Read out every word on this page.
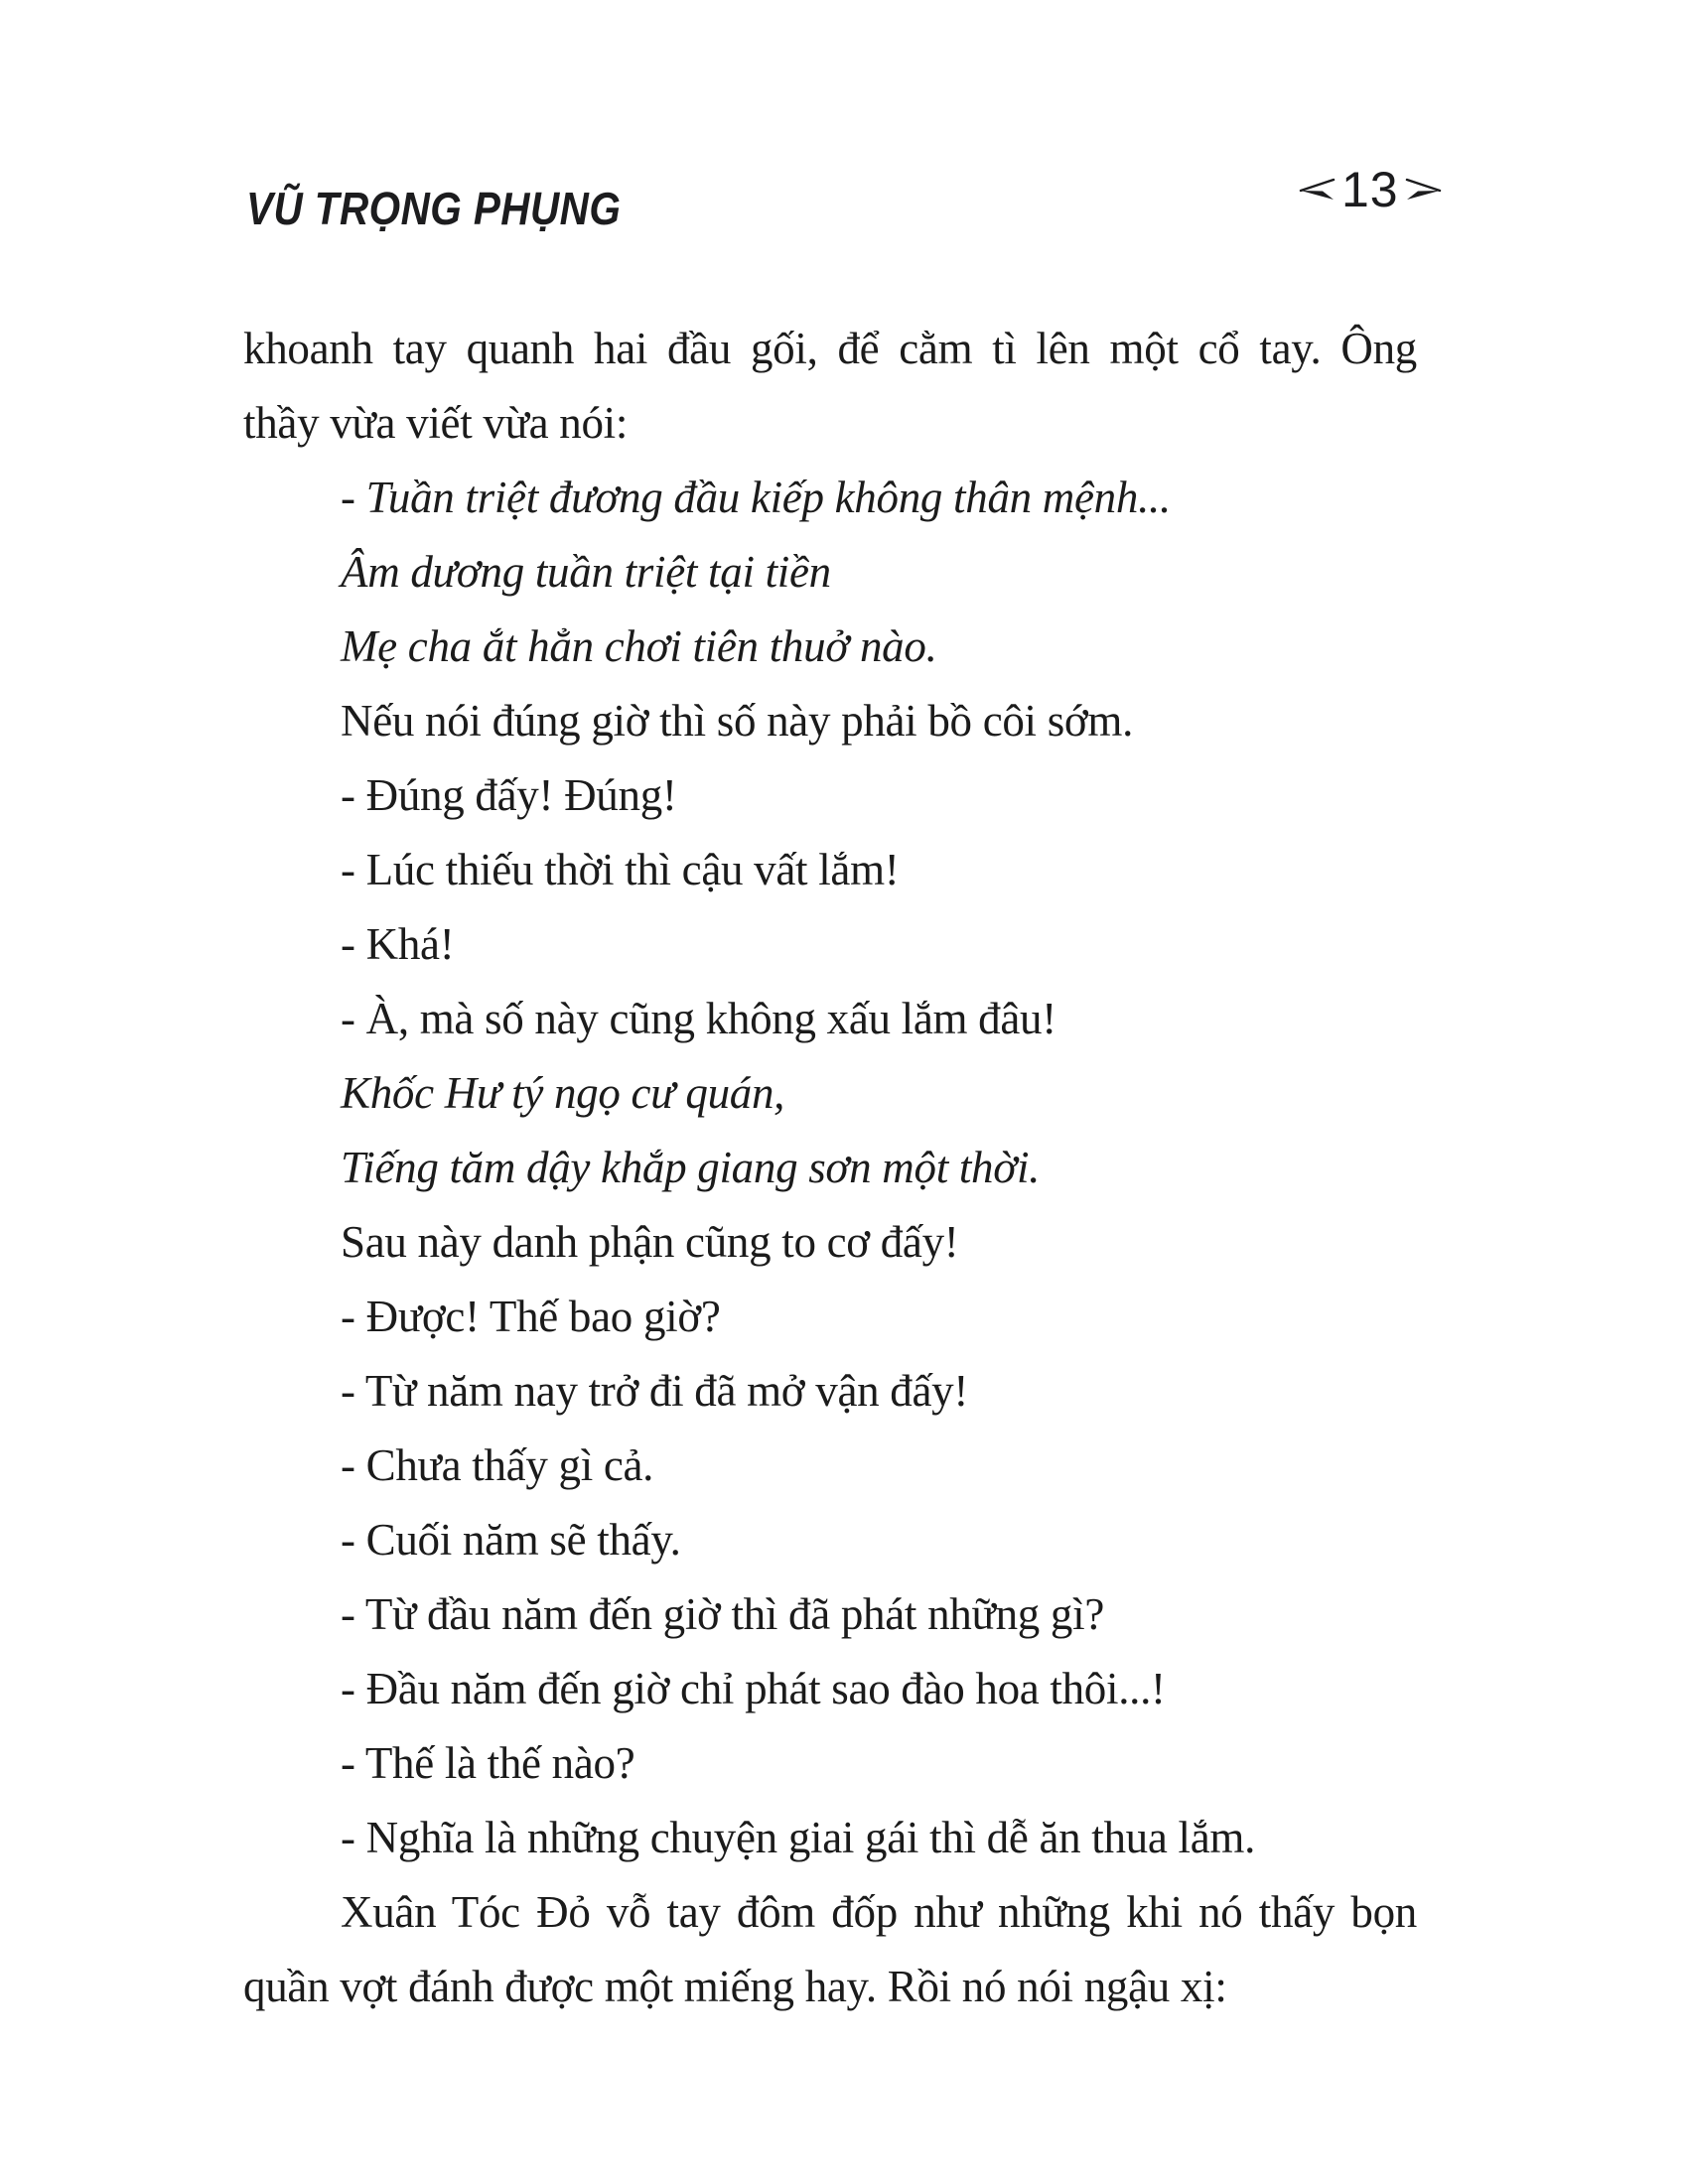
VŨ TRỌNG PHỤNG	13
khoanh tay quanh hai đầu gối, để cằm tì lên một cổ tay. Ông
thầy vừa viết vừa nói:
- Tuần triệt đương đầu kiếp không thân mệnh...
Âm dương tuần triệt tại tiền
Mẹ cha ắt hẳn chơi tiên thuở nào.
Nếu nói đúng giờ thì số này phải bồ côi sớm.
- Đúng đấy! Đúng!
- Lúc thiếu thời thì cậu vất lắm!
- Khá!
- À, mà số này cũng không xấu lắm đâu!
Khốc Hư tý ngọ cư quán,
Tiếng tăm dậy khắp giang sơn một thời.
Sau này danh phận cũng to cơ đấy!
- Được! Thế bao giờ?
- Từ năm nay trở đi đã mở vận đấy!
- Chưa thấy gì cả.
- Cuối năm sẽ thấy.
- Từ đầu năm đến giờ thì đã phát những gì?
- Đầu năm đến giờ chỉ phát sao đào hoa thôi...!
- Thế là thế nào?
- Nghĩa là những chuyện giai gái thì dễ ăn thua lắm.
Xuân Tóc Đỏ vỗ tay đôm đốp như những khi nó thấy bọn
quần vợt đánh được một miếng hay. Rồi nó nói ngậu xị:
